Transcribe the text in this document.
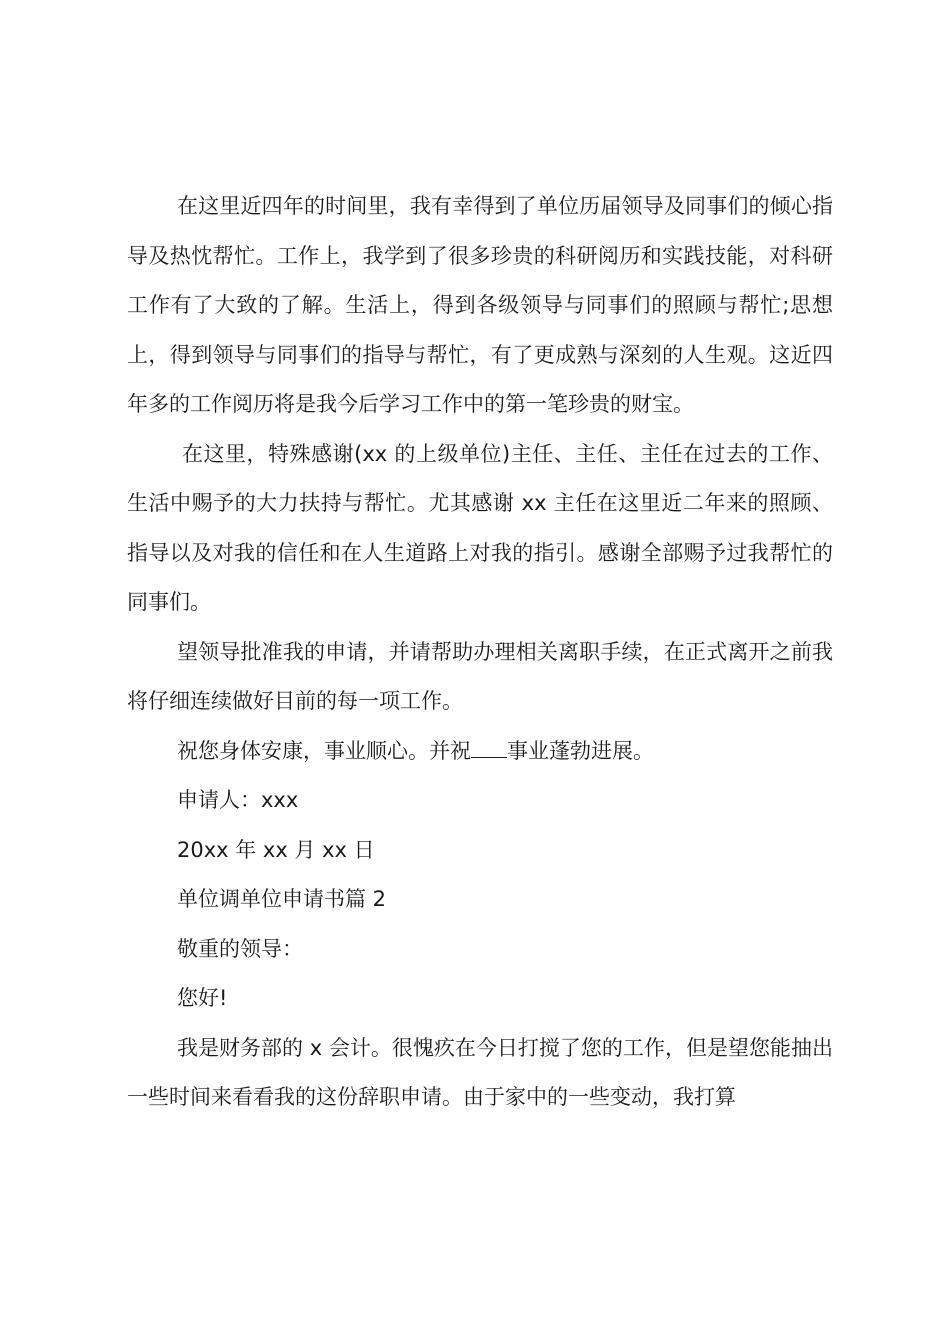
在这里近四年的时间里，我有幸得到了单位历届领导及同事们的倾心指导及热忱帮忙。工作上，我学到了很多珍贵的科研阅历和实践技能，对科研工作有了大致的了解。生活上，得到各级领导与同事们的照顾与帮忙;思想上，得到领导与同事们的指导与帮忙，有了更成熟与深刻的人生观。这近四年多的工作阅历将是我今后学习工作中的第一笔珍贵的财宝。

在这里，特殊感谢(xx 的上级单位)主任、主任、主任在过去的工作、生活中赐予的大力扶持与帮忙。尤其感谢 xx 主任在这里近二年来的照顾、指导以及对我的信任和在人生道路上对我的指引。感谢全部赐予过我帮忙的同事们。

望领导批准我的申请，并请帮助办理相关离职手续，在正式离开之前我将仔细连续做好目前的每一项工作。

祝您身体安康，事业顺心。并祝 事业蓬勃进展。

申请人：xxx

20xx 年 xx 月 xx 日

单位调单位申请书篇 2

敬重的领导：

您好!

我是财务部的 x 会计。很愧疚在今日打搅了您的工作，但是望您能抽出一些时间来看看我的这份辞职申请。由于家中的一些变动，我打算
